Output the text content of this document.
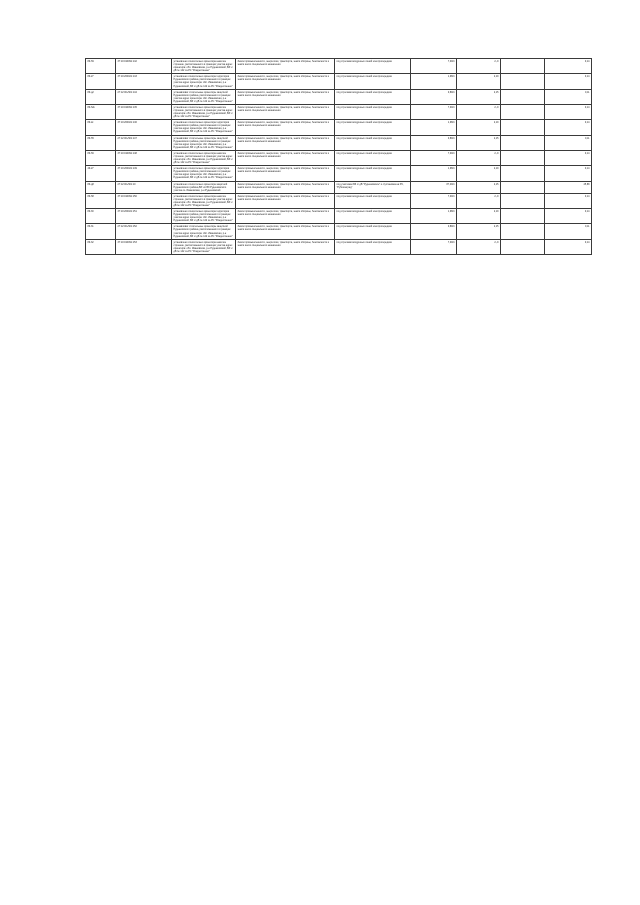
89-б9	37:10:010091:142	установлено относительно ориентира нежилое строение, расположенного в границах участка адрес ориентира: обл. Ивановская, р-н Руденковский, ВЗ ч/ дВ № 142 оз-РС "Рождественно"	Земли промышленности, энергетики, транспорта, земли обороны, безопасности и земли иного специального назначения	под стрелами воздушных линий электропередачи	7,00/4	2,-9		0,14
89-27	37:10:200021:143	установлено относительно ориентира территория Руденковского района, расположенного в границах участка адрес ориентира: обл. Ивановская, р-н Руденковский, ВЗ ч/ дВ № 142 оз-РС "Рождественно"	Земли промышленности, энергетики, транспорта, земли обороны, безопасности и земли иного специального назначения	под стрелами воздушных линий электропередачи	1,98/4	2,19		0,14
89-д2	27:12:00+501:144	устанавливат стоительные ориентиры защитной Руденковского района, расположенного в границах участка адрес ориентира: обл. Ивановская, р-н Руденковский, ВЗ ч/ дВ № 142 оз-РС "Рождественно"	Земли промышленности, энергетики, транспорта, земли обороны, безопасности и земли иного специального назначения	под стрелами воздушных линий электропередачи	0,89/4	2,15		0,11
89-б2к	37:10:010091:145	установлено относительно ориентира нежилое строение, расположенного в границах участка адрес ориентира: обл. Ивановская, р-н Руденковский, ВЗ ч/ дВ № 142 оз-РС "Рождественно"	Земли промышленности, энергетики, транспорта, земли обороны, безопасности и земли иного специального назначения	под стрелами воздушных линий электропередачи	7,00/4	2,-9		0,14
89-2к	37:10:200021:146	установлено относительно ориентира территория Руденковского района, расположенного в границах участка адрес ориентира: обл. Ивановская, р-н Руденковский, ВЗ ч/ дВ № 142 оз-РС "Рождественно"	Земли промышленности, энергетики, транспорта, земли обороны, безопасности и земли иного специального назначения	под стрелами воздушных линий электропередачи	1,98/4	2,19		0,14
89-б5	27:12:00+501:147	устанавливат стоительные ориентиры защитной Руденковского района, расположенного в границах участка адрес ориентира: обл. Ивановская, р-н Руденковский, ВЗ ч/ дВ № 142 оз-РС "Рождественно"	Земли промышленности, энергетики, транспорта, земли обороны, безопасности и земли иного специального назначения	под стрелами воздушных линий электропередачи	0,89/4	2,15		0,11
89-б6	37:10:010091:148	установлено относительно ориентира нежилое строение, расположенного в границах участка адрес ориентира: обл. Ивановская, р-н Руденковский, ВЗ ч/ дВ № 142 оз-РС "Рождественно"	Земли промышленности, энергетики, транспорта, земли обороны, безопасности и земли иного специального назначения	под стрелами воздушных линий электропередачи	7,00/4	2,-9		0,14
49-27	37:10:200021:149	установлено относительно ориентира территория Руденковского района, расположенного в границах участка адрес ориентира: обл. Ивановская, р-н Руденковский, ВЗ ч/ дВ № 142 оз-РС "Рождественно"	Земли промышленности, энергетики, транспорта, земли обороны, безопасности и земли иного специального назначения	под стрелами воздушных линий электропередачи	1,98/4	2,19		0,14
89-д8	27:12:00+501:10	установлено относительно ориентира защитной Руденковского района,ВЗ ч/о ВЗ Руденковского участка оз- Ивановская, р-н Руденковский	Земли промышленности, энергетики, транспорта, земли обороны, безопасности и земли иного специального назначения	под участками ВЗ ч/ дВ "Руденковское" и с/установка на РС, "Рубиконград"	87,49/4	2,15		45,88
89-б8	37:10:010091:150	установлено относительно ориентира нежилое строение, расположенного в границах участка адрес ориентира: обл. Ивановская, р-н Руденковский, ВЗ ч/ дВ № 142 оз-РС "Рождественно"	Земли промышленности, энергетики, транспорта, земли обороны, безопасности и земли иного специального назначения	под стрелами воздушных линий электропередачи	7,00/4	2,-9		0,14
89-30	37:10:200021:151	установлено относительно ориентира территория Руденковского района, расположенного в границах участка адрес ориентира: обл. Ивановская, р-н Руденковский, ВЗ ч/ дВ № 142 оз-РС "Рождественно"	Земли промышленности, энергетики, транспорта, земли обороны, безопасности и земли иного специального назначения	под стрелами воздушных линий электропередачи	1,98/4	2,19		0,14
89-31	27:12:00+501:152	устанавливат стоительные ориентиры защитной Руденковского района, расположенного в границах участка адрес ориентира: обл. Ивановская, р-н Руденковский, ВЗ ч/ дВ № 142 оз-РС "Рождественно"	Земли промышленности, энергетики, транспорта, земли обороны, безопасности и земли иного специального назначения	под стрелами воздушных линий электропередачи	0,89/4	2,15		0,11
89-32	37:10:010091:153	установлено относительно ориентира нежилое строение, расположенного в границах участка адрес ориентира: обл. Ивановская, р-н Руденковский, ВЗ ч/ дВ № 142 оз-РС "Рождественно"	Земли промышленности, энергетики, транспорта, земли обороны, безопасности и земли иного специального назначения	под стрелами воздушных линий электропередачи	7,00/4	2,-9		0,14
